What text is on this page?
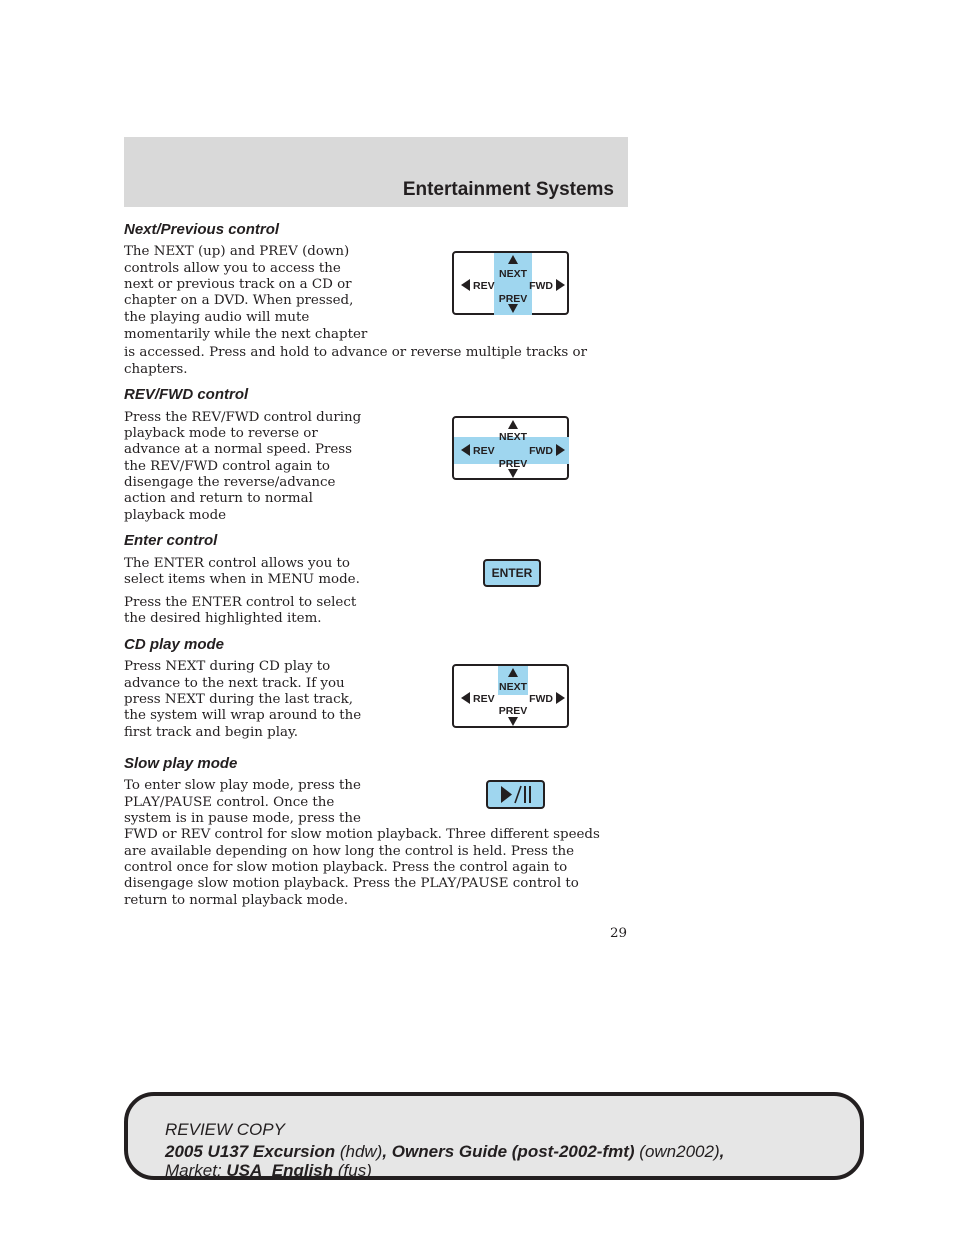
Entertainment Systems
Next/Previous control
The NEXT (up) and PREV (down)
controls allow you to access the
next or previous track on a CD or
chapter on a DVD. When pressed,
the playing audio will mute
momentarily while the next chapter
is accessed. Press and hold to advance or reverse multiple tracks or
chapters.
NEXT
PREV
REV	FWD
REV/FWD control
Press the REV/FWD control during
playback mode to reverse or
advance at a normal speed. Press
the REV/FWD control again to
disengage the reverse/advance
action and return to normal
playback mode
NEXT
PREV
REV	FWD
Enter control
The ENTER control allows you to
select items when in MENU mode.
Press the ENTER control to select
the desired highlighted item.
ENTER
CD play mode
Press NEXT during CD play to
advance to the next track. If you
press NEXT during the last track,
the system will wrap around to the
first track and begin play.
NEXT
PREV
REV	FWD
Slow play mode
To enter slow play mode, press the
PLAY/PAUSE control. Once the
system is in pause mode, press the
FWD or REV control for slow motion playback. Three different speeds
are available depending on how long the control is held. Press the
control once for slow motion playback. Press the control again to
disengage slow motion playback. Press the PLAY/PAUSE control to
return to normal playback mode.
29
REVIEW COPY
2005 U137 Excursion (hdw), Owners Guide (post-2002-fmt) (own2002),
Market: USA_English (fus)
